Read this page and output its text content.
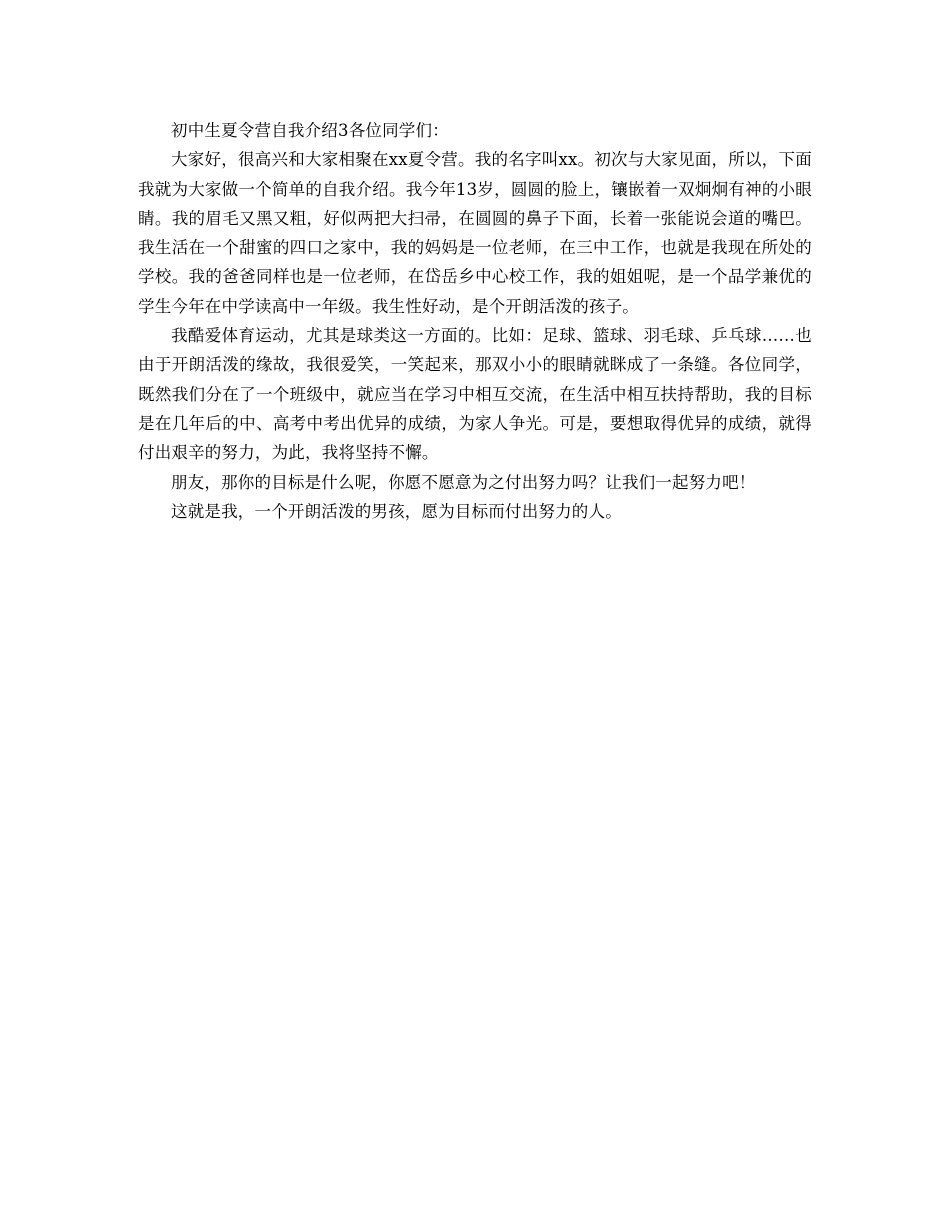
初中生夏令营自我介绍3各位同学们：

大家好，很高兴和大家相聚在xx夏令营。我的名字叫xx。初次与大家见面，所以，下面我就为大家做一个简单的自我介绍。我今年13岁，圆圆的脸上，镶嵌着一双炯炯有神的小眼睛。我的眉毛又黑又粗，好似两把大扫帚，在圆圆的鼻子下面，长着一张能说会道的嘴巴。我生活在一个甜蜜的四口之家中，我的妈妈是一位老师，在三中工作，也就是我现在所处的学校。我的爸爸同样也是一位老师，在岱岳乡中心校工作，我的姐姐呢，是一个品学兼优的学生今年在中学读高中一年级。我生性好动，是个开朗活泼的孩子。

我酷爱体育运动，尤其是球类这一方面的。比如：足球、篮球、羽毛球、乒乓球……也由于开朗活泼的缘故，我很爱笑，一笑起来，那双小小的眼睛就眯成了一条缝。各位同学，既然我们分在了一个班级中，就应当在学习中相互交流，在生活中相互扶持帮助，我的目标是在几年后的中、高考中考出优异的成绩，为家人争光。可是，要想取得优异的成绩，就得付出艰辛的努力，为此，我将坚持不懈。

朋友，那你的目标是什么呢，你愿不愿意为之付出努力吗？让我们一起努力吧！

这就是我，一个开朗活泼的男孩，愿为目标而付出努力的人。
